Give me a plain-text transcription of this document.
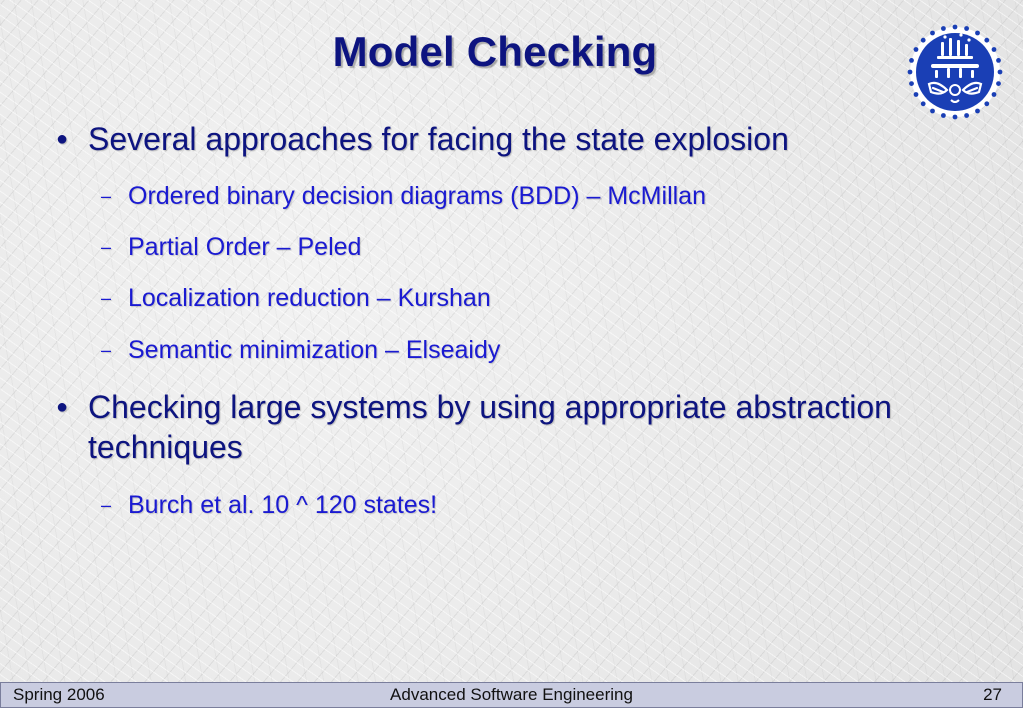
Model Checking
● Several approaches for facing the state explosion
– Ordered binary decision diagrams (BDD) – McMillan
– Partial Order – Peled
– Localization reduction – Kurshan
– Semantic minimization – Elseaidy
● Checking large systems by using appropriate abstraction techniques
– Burch et al. 10 ^ 120 states!
Spring 2006	Advanced Software Engineering	27
